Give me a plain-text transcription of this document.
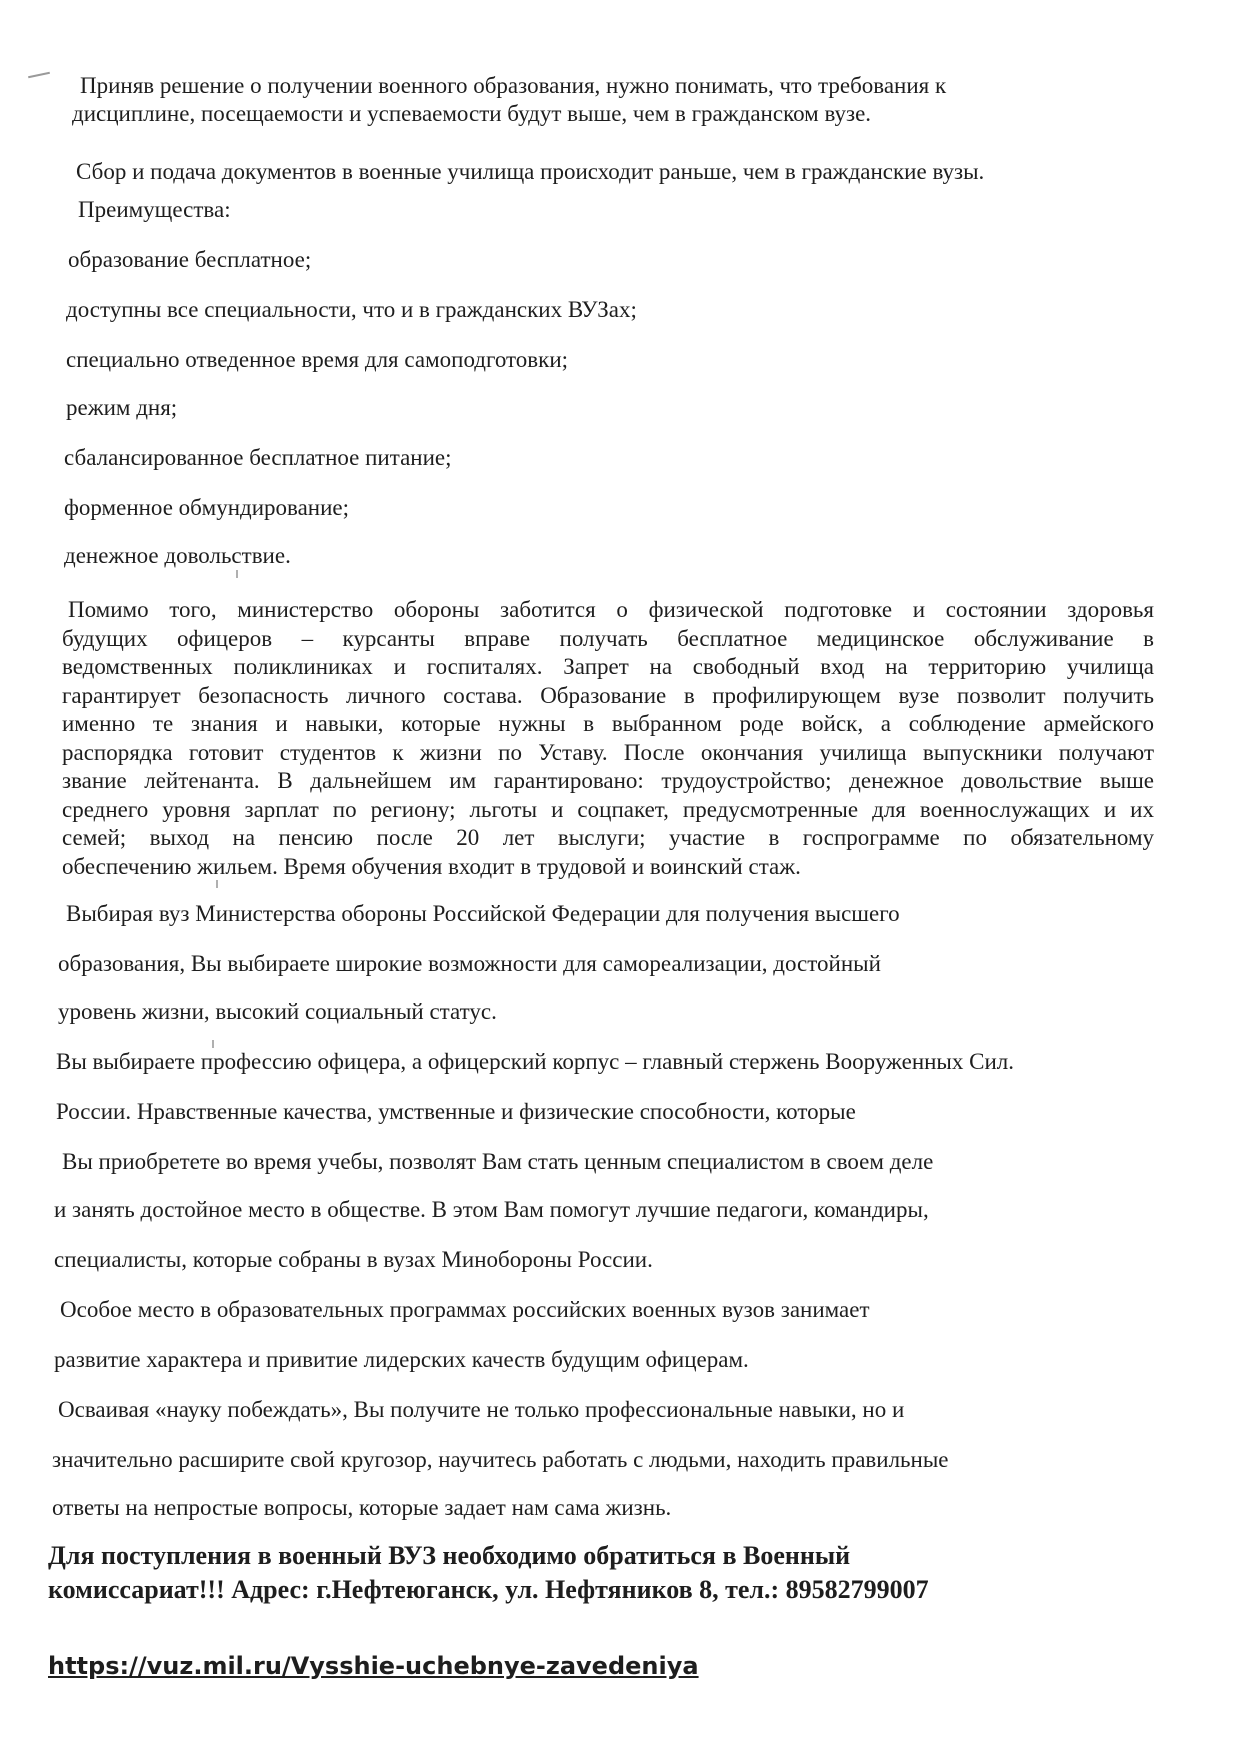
Приняв решение о получении военного образования, нужно понимать, что требования к
дисциплине, посещаемости и успеваемости будут выше, чем в гражданском вузе.
Сбор и подача документов в военные училища происходит раньше, чем в гражданские вузы.
Преимущества:
образование бесплатное;
доступны все специальности, что и в гражданских ВУЗах;
специально отведенное время для самоподготовки;
режим дня;
сбалансированное бесплатное питание;
форменное обмундирование;
денежное довольствие.
Помимо того, министерство обороны заботится о физической подготовке и состоянии здоровья
будущих офицеров – курсанты вправе получать бесплатное медицинское обслуживание в
ведомственных поликлиниках и госпиталях. Запрет на свободный вход на территорию училища
гарантирует безопасность личного состава. Образование в профилирующем вузе позволит получить
именно те знания и навыки, которые нужны в выбранном роде войск, а соблюдение армейского
распорядка готовит студентов к жизни по Уставу. После окончания училища выпускники получают
звание лейтенанта. В дальнейшем им гарантировано: трудоустройство; денежное довольствие выше
среднего уровня зарплат по региону; льготы и соцпакет, предусмотренные для военнослужащих и их
семей; выход на пенсию после 20 лет выслуги; участие в госпрограмме по обязательному
обеспечению жильем. Время обучения входит в трудовой и воинский стаж.
Выбирая вуз Министерства обороны Российской Федерации для получения высшего
образования, Вы выбираете широкие возможности для самореализации, достойный
уровень жизни, высокий социальный статус.
Вы выбираете профессию офицера, а офицерский корпус – главный стержень Вооруженных Сил.
России. Нравственные качества, умственные и физические способности, которые
Вы приобретете во время учебы, позволят Вам стать ценным специалистом в своем деле
и занять достойное место в обществе. В этом Вам помогут лучшие педагоги, командиры,
специалисты, которые собраны в вузах Минобороны России.
Особое место в образовательных программах российских военных вузов занимает
развитие характера и привитие лидерских качеств будущим офицерам.
Осваивая «науку побеждать», Вы получите не только профессиональные навыки, но и
значительно расширите свой кругозор, научитесь работать с людьми, находить правильные
ответы на непростые вопросы, которые задает нам сама жизнь.
Для поступления в военный ВУЗ необходимо обратиться в Военный
комиссариат!!! Адрес: г.Нефтеюганск, ул. Нефтяников 8, тел.: 89582799007
https://vuz.mil.ru/Vysshie-uchebnye-zavedeniya
